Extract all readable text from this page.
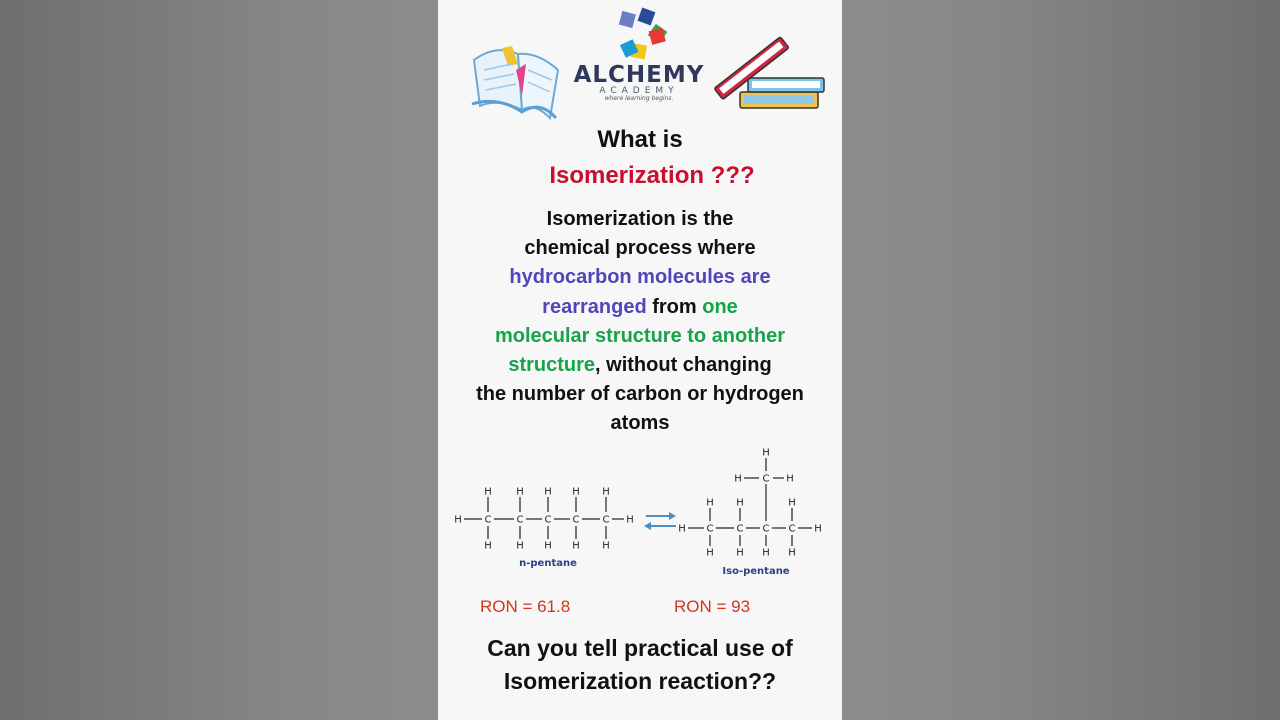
ALCHEMY
ACADEMY
where learning begins.
What is
Isomerization ???
Isomerization is the
chemical process where
hydrocarbon molecules are
rearranged from one
molecular structure to another
structure, without changing
the number of carbon or hydrogen
atoms
H C
H
H
C
H
H
C
H
H
C
H
H
C
H
H
H
H C
H
H
C
H
H
C
H
C
H
H
H
C
H	H
H
n-pentane
Iso-pentane
RON = 61.8	RON = 93
Can you tell practical use of
Isomerization reaction??
